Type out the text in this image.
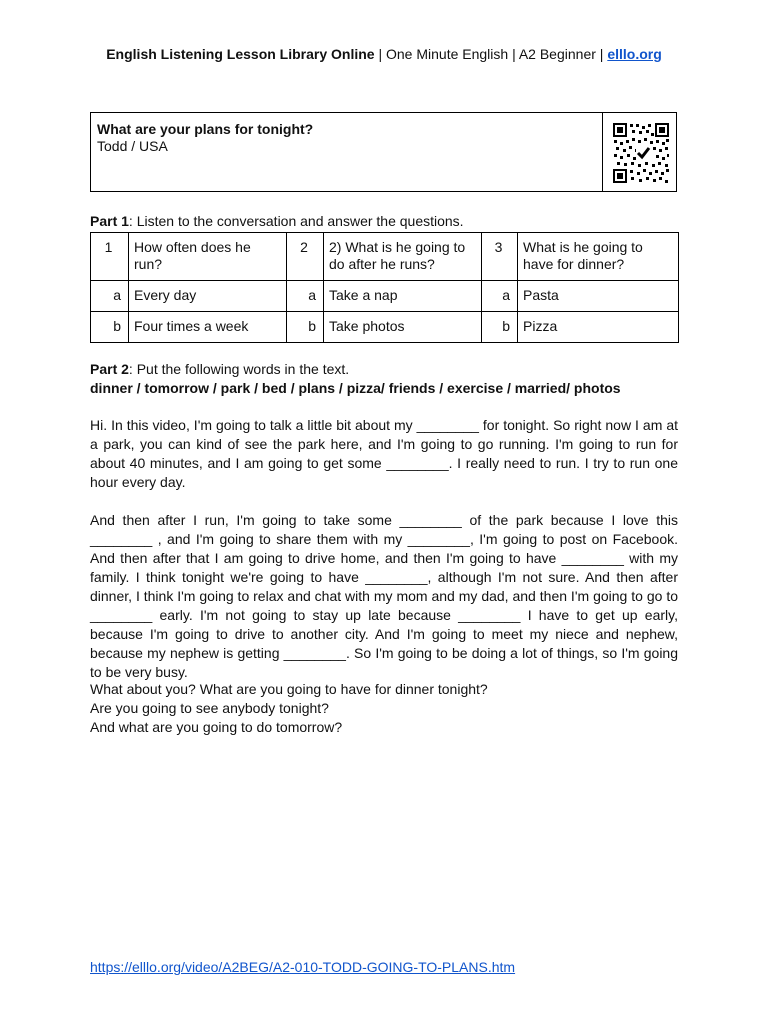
English Listening Lesson Library Online | One Minute English | A2 Beginner | elllo.org
What are your plans for tonight?
Todd / USA
Part 1: Listen to the conversation and answer the questions.
1	How often does he run?	2	2) What is he going to do after he runs?	3	What is he going to have for dinner?
a	Every day	a	Take a nap	a	Pasta
b	Four times a week	b	Take photos	b	Pizza
Part 2: Put the following words in the text.
dinner / tomorrow / park / bed / plans / pizza/ friends / exercise / married/ photos

Hi. In this video, I'm going to talk a little bit about my ________ for tonight. So right now I am at a park, you can kind of see the park here, and I'm going to go running. I'm going to run for about 40 minutes, and I am going to get some ________. I really need to run. I try to run one hour every day.

And then after I run, I'm going to take some ________ of the park because I love this ________ , and I'm going to share them with my ________, I'm going to post on Facebook. And then after that I am going to drive home, and then I'm going to have ________ with my family. I think tonight we're going to have ________, although I'm not sure. And then after dinner, I think I'm going to relax and chat with my mom and my dad, and then I'm going to go to ________ early. I'm not going to stay up late because ________ I have to get up early, because I'm going to drive to another city. And I'm going to meet my niece and nephew, because my nephew is getting ________. So I'm going to be doing a lot of things, so I'm going to be very busy.

What about you? What are you going to have for dinner tonight?
Are you going to see anybody tonight?
And what are you going to do tomorrow?
https://elllo.org/video/A2BEG/A2-010-TODD-GOING-TO-PLANS.htm
